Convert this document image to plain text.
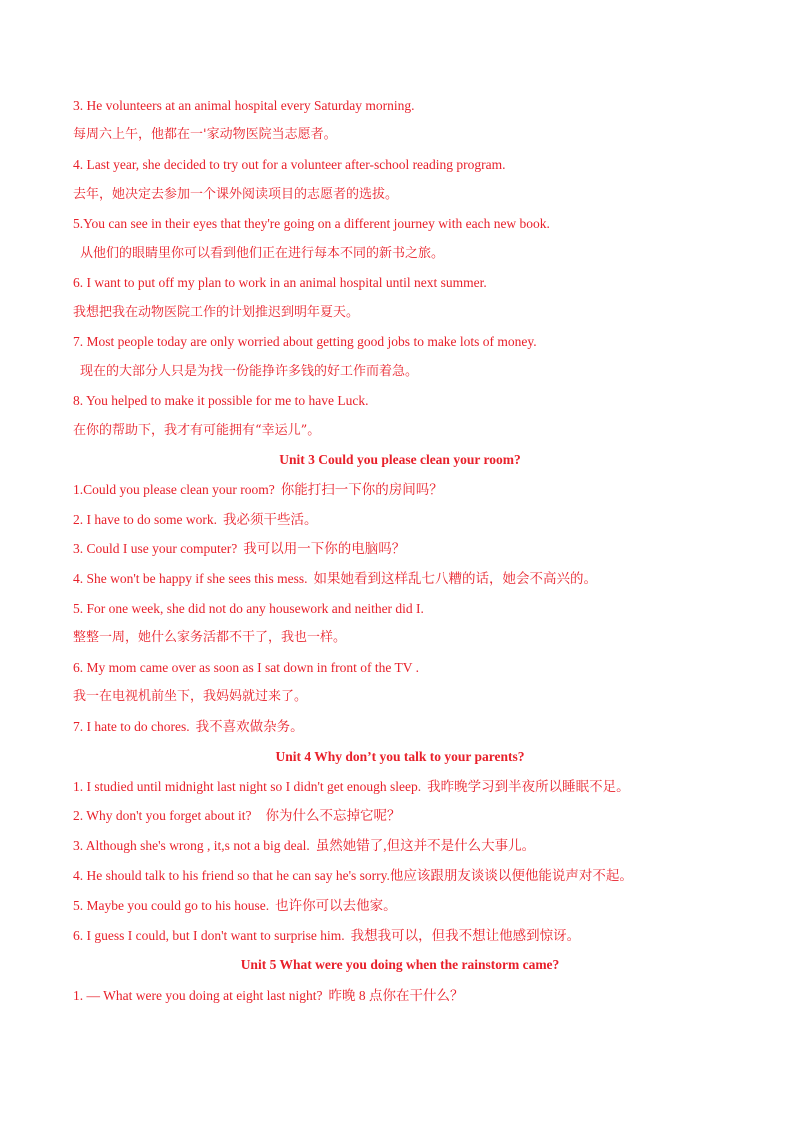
3. He volunteers at an animal hospital every Saturday morning.
每周六上午，他都在一'家动物医院当志愿者。
4. Last year, she decided to try out for a volunteer after-school reading program.
去年，她决定去参加一个课外阅读项目的志愿者的选拔。
5.You can see in their eyes that they're going on a different journey with each new book.
从他们的眼睛里你可以看到他们正在进行每本不同的新书之旅。
6. I want to put off my plan to work in an animal hospital until next summer.
我想把我在动物医院工作的计划推迟到明年夏天。
7. Most people today are only worried about getting good jobs to make lots of money.
现在的大部分人只是为找一份能挣许多钱的好工作而着急。
8. You helped to make it possible for me to have Luck.
在你的帮助下，我才有可能拥有“幸运儿”。
Unit 3 Could you please clean your room?
1.Could you please clean your room? 你能打扫一下你的房间吗？
2. I have to do some work. 我必须干些活。
3. Could I use your computer? 我可以用一下你的电脑吗？
4. She won't be happy if she sees this mess. 如果她看到这样乱七八糟的话，她会不高兴的。
5. For one week, she did not do any housework and neither did I.
整整一周，她什么家务活都不干了，我也一样。
6. My mom came over as soon as I sat down in front of the TV .
我一在电视机前坐下，我妈妈就过来了。
7. I hate to do chores. 我不喜欢做杂务。
Unit 4 Why don’t you talk to your parents?
1. I studied until midnight last night so I didn't get enough sleep. 我昨晚学习到半夜所以睡眠不足。
2. Why don't you forget about it? 你为什么不忘掉它呢？
3. Although she's wrong , it,s not a big deal. 虽然她错了,但这并不是什么大事儿。
4. He should talk to his friend so that he can say he's sorry.他应该跟朋友谈谈以便他能说声对不起。
5. Maybe you could go to his house. 也许你可以去他家。
6. I guess I could, but I don't want to surprise him. 我想我可以，但我不想让他感到惊讶。
Unit 5 What were you doing when the rainstorm came?
1. — What were you doing at eight last night? 昨晚 8 点你在干什么？
